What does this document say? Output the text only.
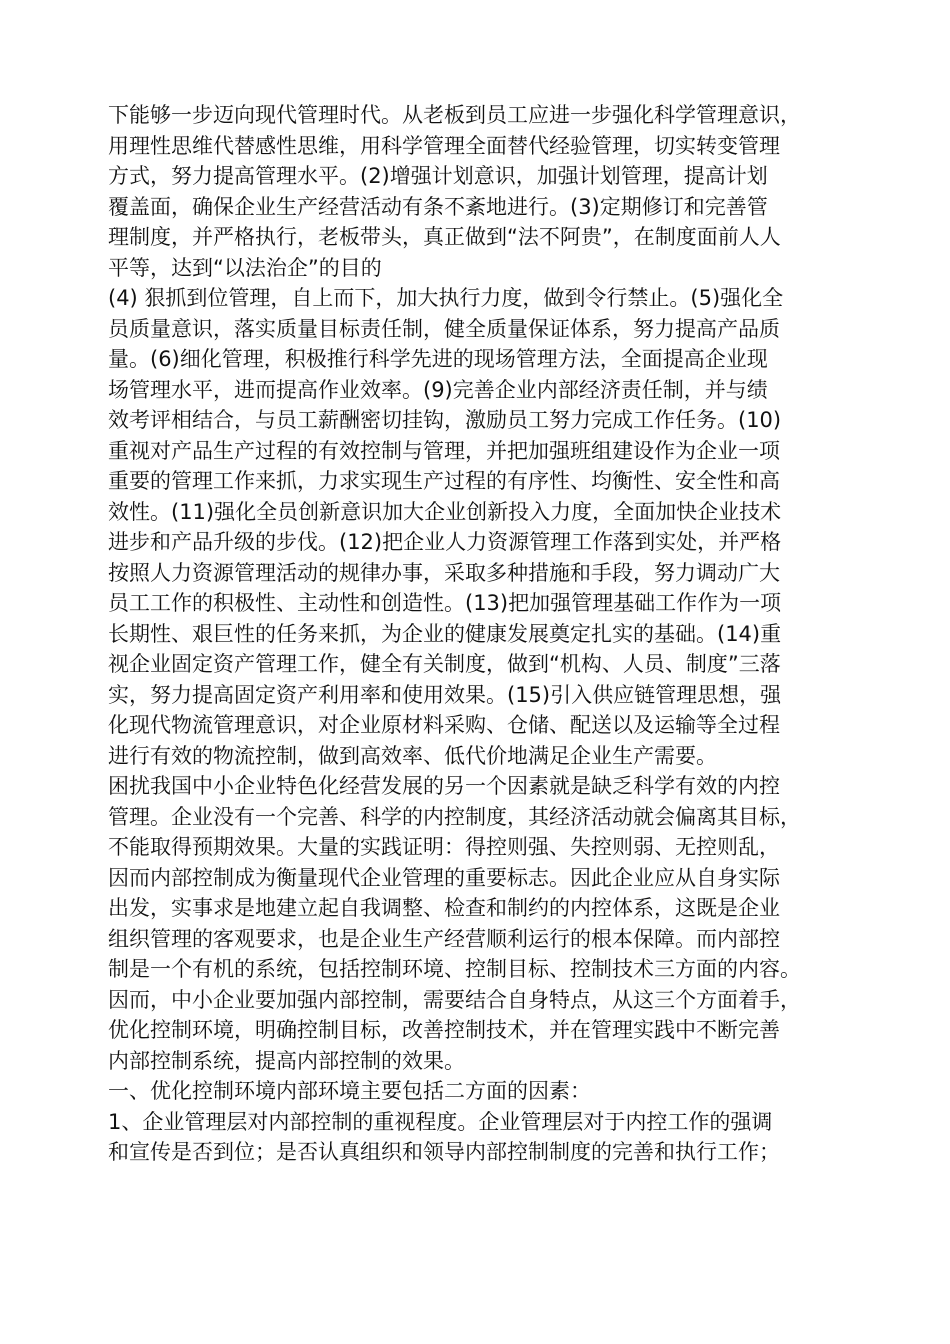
下能够一步迈向现代管理时代。从老板到员工应进一步强化科学管理意识，
用理性思维代替感性思维，用科学管理全面替代经验管理，切实转变管理
方式，努力提高管理水平。(2)增强计划意识，加强计划管理，提高计划
覆盖面，确保企业生产经营活动有条不紊地进行。(3)定期修订和完善管
理制度，并严格执行，老板带头，真正做到“法不阿贵”，在制度面前人人
平等，达到“以法治企”的目的
(4) 狠抓到位管理，自上而下，加大执行力度，做到令行禁止。(5)强化全
员质量意识，落实质量目标责任制，健全质量保证体系，努力提高产品质
量。(6)细化管理，积极推行科学先进的现场管理方法，全面提高企业现
场管理水平，进而提高作业效率。(9)完善企业内部经济责任制，并与绩
效考评相结合，与员工薪酬密切挂钩，激励员工努力完成工作任务。(10)
重视对产品生产过程的有效控制与管理，并把加强班组建设作为企业一项
重要的管理工作来抓，力求实现生产过程的有序性、均衡性、安全性和高
效性。(11)强化全员创新意识加大企业创新投入力度，全面加快企业技术
进步和产品升级的步伐。(12)把企业人力资源管理工作落到实处，并严格
按照人力资源管理活动的规律办事，采取多种措施和手段，努力调动广大
员工工作的积极性、主动性和创造性。(13)把加强管理基础工作作为一项
长期性、艰巨性的任务来抓，为企业的健康发展奠定扎实的基础。(14)重
视企业固定资产管理工作，健全有关制度，做到“机构、人员、制度”三落
实，努力提高固定资产利用率和使用效果。(15)引入供应链管理思想，强
化现代物流管理意识，对企业原材料采购、仓储、配送以及运输等全过程
进行有效的物流控制，做到高效率、低代价地满足企业生产需要。
困扰我国中小企业特色化经营发展的另一个因素就是缺乏科学有效的内控
管理。企业没有一个完善、科学的内控制度，其经济活动就会偏离其目标，
不能取得预期效果。大量的实践证明：得控则强、失控则弱、无控则乱，
因而内部控制成为衡量现代企业管理的重要标志。因此企业应从自身实际
出发，实事求是地建立起自我调整、检查和制约的内控体系，这既是企业
组织管理的客观要求，也是企业生产经营顺利运行的根本保障。而内部控
制是一个有机的系统，包括控制环境、控制目标、控制技术三方面的内容。
因而，中小企业要加强内部控制，需要结合自身特点，从这三个方面着手，
优化控制环境，明确控制目标，改善控制技术，并在管理实践中不断完善
内部控制系统，提高内部控制的效果。
一、优化控制环境内部环境主要包括二方面的因素：
1、企业管理层对内部控制的重视程度。企业管理层对于内控工作的强调
和宣传是否到位；是否认真组织和领导内部控制制度的完善和执行工作；
